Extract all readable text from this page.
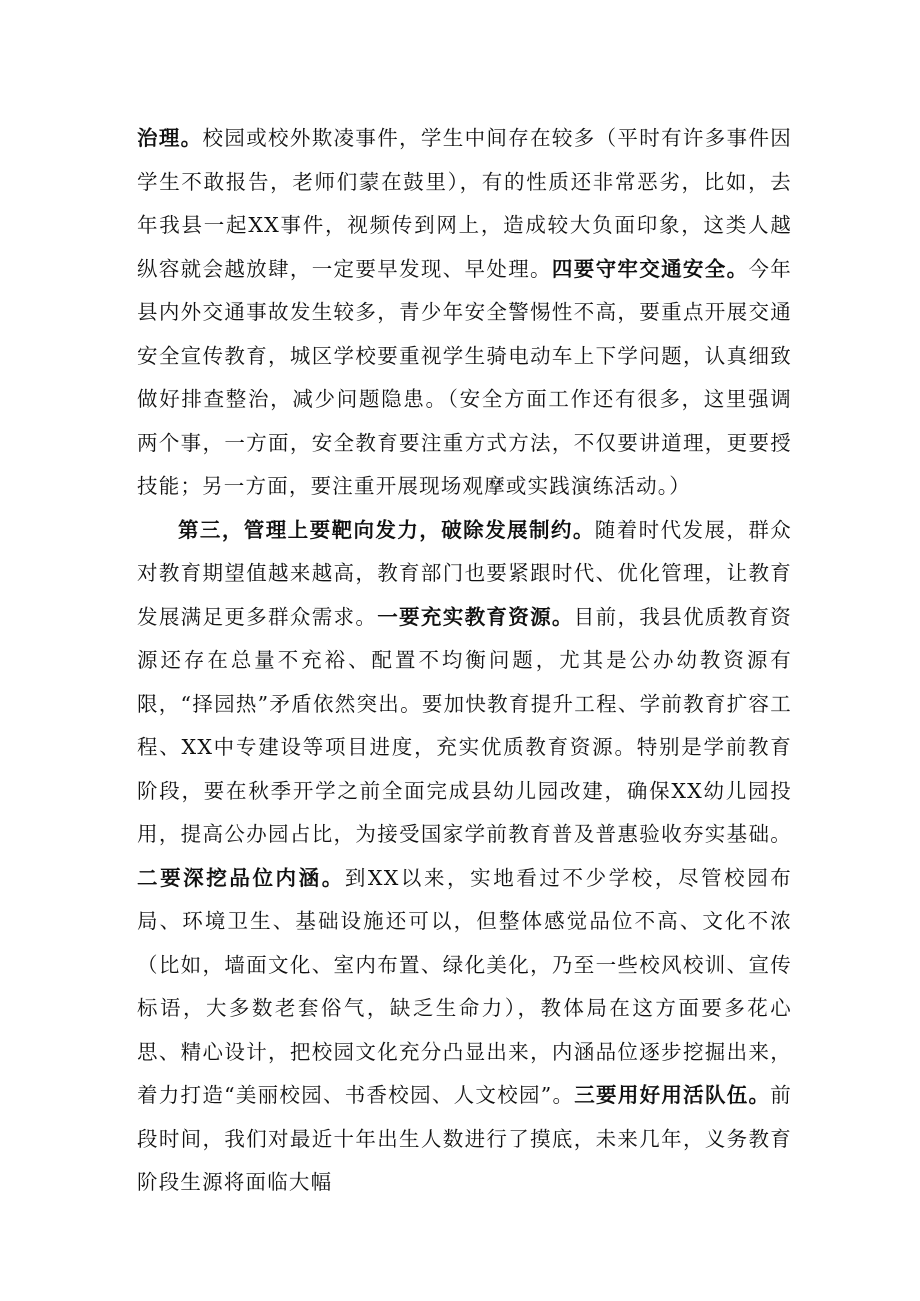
治理。校园或校外欺凌事件，学生中间存在较多（平时有许多事件因学生不敢报告，老师们蒙在鼓里），有的性质还非常恶劣，比如，去年我县一起XX事件，视频传到网上，造成较大负面印象，这类人越纵容就会越放肆，一定要早发现、早处理。四要守牢交通安全。今年县内外交通事故发生较多，青少年安全警惕性不高，要重点开展交通安全宣传教育，城区学校要重视学生骑电动车上下学问题，认真细致做好排查整治，减少问题隐患。（安全方面工作还有很多，这里强调两个事，一方面，安全教育要注重方式方法，不仅要讲道理，更要授技能；另一方面，要注重开展现场观摩或实践演练活动。）

第三，管理上要靶向发力，破除发展制约。随着时代发展，群众对教育期望值越来越高，教育部门也要紧跟时代、优化管理，让教育发展满足更多群众需求。一要充实教育资源。目前，我县优质教育资源还存在总量不充裕、配置不均衡问题，尤其是公办幼教资源有限，“择园热”矛盾依然突出。要加快教育提升工程、学前教育扩容工程、XX中专建设等项目进度，充实优质教育资源。特别是学前教育阶段，要在秋季开学之前全面完成县幼儿园改建，确保XX幼儿园投用，提高公办园占比，为接受国家学前教育普及普惠验收夯实基础。二要深挖品位内涵。到XX以来，实地看过不少学校，尽管校园布局、环境卫生、基础设施还可以，但整体感觉品位不高、文化不浓（比如，墙面文化、室内布置、绿化美化，乃至一些校风校训、宣传标语，大多数老套俗气，缺乏生命力），教体局在这方面要多花心思、精心设计，把校园文化充分凸显出来，内涵品位逐步挖掘出来，着力打造“美丽校园、书香校园、人文校园”。三要用好用活队伍。前段时间，我们对最近十年出生人数进行了摸底，未来几年，义务教育阶段生源将面临大幅
